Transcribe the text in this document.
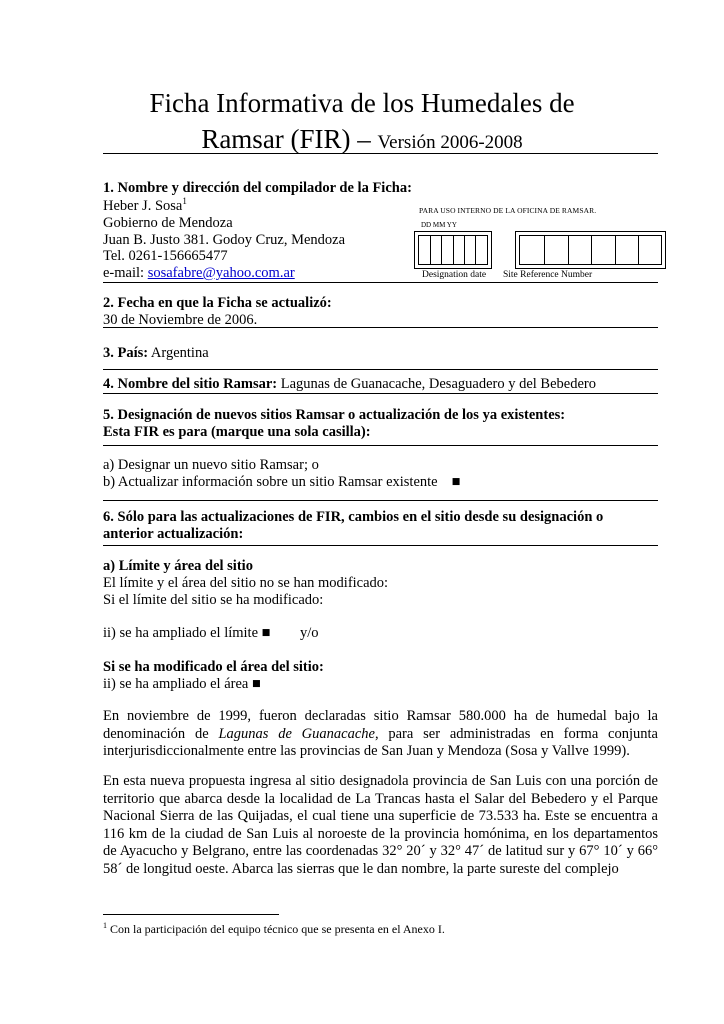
Ficha Informativa de los Humedales de
Ramsar (FIR) – Versión 2006-2008
1. Nombre y dirección del compilador de la Ficha:
Heber J. Sosa$^1$
Gobierno de Mendoza
Juan B. Justo 381. Godoy Cruz, Mendoza
Tel. 0261-156665477
e-mail: sosafabre@yahoo.com.ar
PARA USO INTERNO DE LA OFICINA DE RAMSAR.
DD MM YY
Designation date Site Reference Number
2. Fecha en que la Ficha se actualizó:
30 de Noviembre de 2006.
3. País: Argentina
4. Nombre del sitio Ramsar: Lagunas de Guanacache, Desaguadero y del Bebedero
5. Designación de nuevos sitios Ramsar o actualización de los ya existentes:
Esta FIR es para (marque una sola casilla):
a) Designar un nuevo sitio Ramsar; o
b) Actualizar información sobre un sitio Ramsar existente ■
6. Sólo para las actualizaciones de FIR, cambios en el sitio desde su designación o
anterior actualización:
a) Límite y área del sitio
El límite y el área del sitio no se han modificado:
Si el límite del sitio se ha modificado:
ii) se ha ampliado el límite ■ y/o
Si se ha modificado el área del sitio:
ii) se ha ampliado el área ■
En noviembre de 1999, fueron declaradas sitio Ramsar 580.000 ha de humedal bajo la denominación de Lagunas de Guanacache, para ser administradas en forma conjunta interjurisdiccionalmente entre las provincias de San Juan y Mendoza (Sosa y Vallve 1999).
En esta nueva propuesta ingresa al sitio designadola provincia de San Luis con una porción de territorio que abarca desde la localidad de La Trancas hasta el Salar del Bebedero y el Parque Nacional Sierra de las Quijadas, el cual tiene una superficie de 73.533 ha. Este se encuentra a 116 km de la ciudad de San Luis al noroeste de la provincia homónima, en los departamentos de Ayacucho y Belgrano, entre las coordenadas 32° 20´ y 32° 47´ de latitud sur y 67° 10´ y 66° 58´ de longitud oeste. Abarca las sierras que le dan nombre, la parte sureste del complejo
$^1$ Con la participación del equipo técnico que se presenta en el Anexo I.
